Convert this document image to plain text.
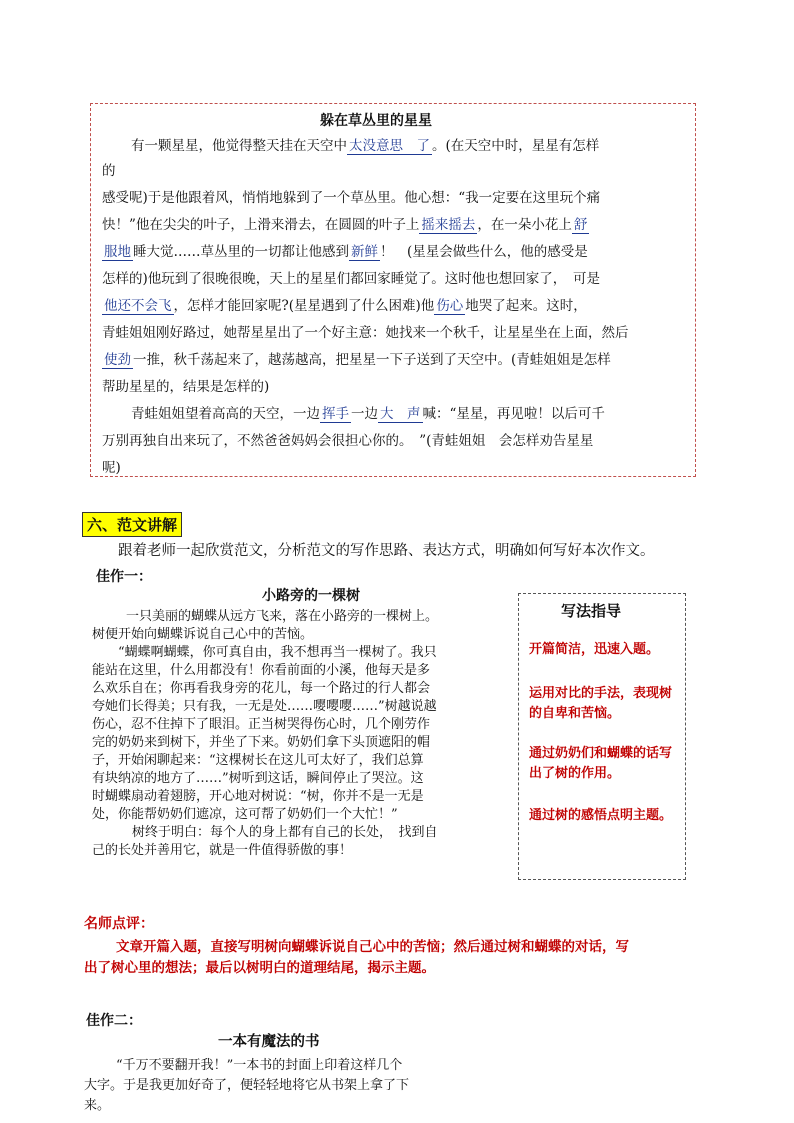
躲在草丛里的星星
有一颗星星，他觉得整天挂在天空中 太没意思　了 。(在天空中时，星星有怎样
的
感受呢)于是他跟着风，悄悄地躲到了一个草丛里。他心想：“我一定要在这里玩个痛
快！”他在尖尖的叶子，上滑来滑去，在圆圆的叶子上 摇来摇去 ，在一朵小花上 舒
服地 睡大觉……草丛里的一切都让他感到 新鲜 ！　(星星会做些什么，他的感受是
怎样的)他玩到了很晚很晚，天上的星星们都回家睡觉了。这时他也想回家了，　可是
他还不会飞 ，怎样才能回家呢?(星星遇到了什么困难)他 伤心 地哭了起来。这时，
青蛙姐姐刚好路过，她帮星星出了一个好主意：她找来一个秋千，让星星坐在上面，然后
使劲 一推，秋千荡起来了，越荡越高，把星星一下子送到了天空中。(青蛙姐姐是怎样
帮助星星的，结果是怎样的)
青蛙姐姐望着高高的天空，一边 挥手 一边 大　声 喊：“星星，再见啦！以后可千
万别再独自出来玩了，不然爸爸妈妈会很担心你的。　”(青蛙姐姐　会怎样劝告星星
呢)
六、范文讲解
跟着老师一起欣赏范文，分析范文的写作思路、表达方式，明确如何写好本次作文。
佳作一：
小路旁的一棵树
一只美丽的蝴蝶从远方飞来，落在小路旁的一棵树上。
树便开始向蝴蝶诉说自己心中的苦恼。
“蝴蝶啊蝴蝶，你可真自由，我不想再当一棵树了。我只
能站在这里，什么用都没有！你看前面的小溪，他每天是多
么欢乐自在；你再看我身旁的花儿，每一个路过的行人都会
夸她们长得美；只有我，一无是处……嘤嘤嘤……”树越说越
伤心，忍不住掉下了眼泪。正当树哭得伤心时，几个刚劳作
完的奶奶来到树下，并坐了下来。奶奶们拿下头顶遮阳的帽
子，开始闲聊起来：“这棵树长在这儿可太好了，我们总算
有块纳凉的地方了……”树听到这话，瞬间停止了哭泣。这
时蝴蝶扇动着翅膀，开心地对树说：“树，你并不是一无是
处，你能帮奶奶们遮凉，这可帮了奶奶们一个大忙！”
树终于明白：每个人的身上都有自己的长处，　找到自
己的长处并善用它，就是一件值得骄傲的事！
写法指导
开篇简洁，迅速入题。
运用对比的手法，表现树的自卑和苦恼。
通过奶奶们和蝴蝶的话写出了树的作用。
通过树的感悟点明主题。
名师点评：
文章开篇入题，直接写明树向蝴蝶诉说自己心中的苦恼；然后通过树和蝴蝶的对话，写
出了树心里的想法；最后以树明白的道理结尾，揭示主题。
佳作二：
一本有魔法的书
“千万不要翻开我！”一本书的封面上印着这样几个
大字。于是我更加好奇了，便轻轻地将它从书架上拿了下
来。
